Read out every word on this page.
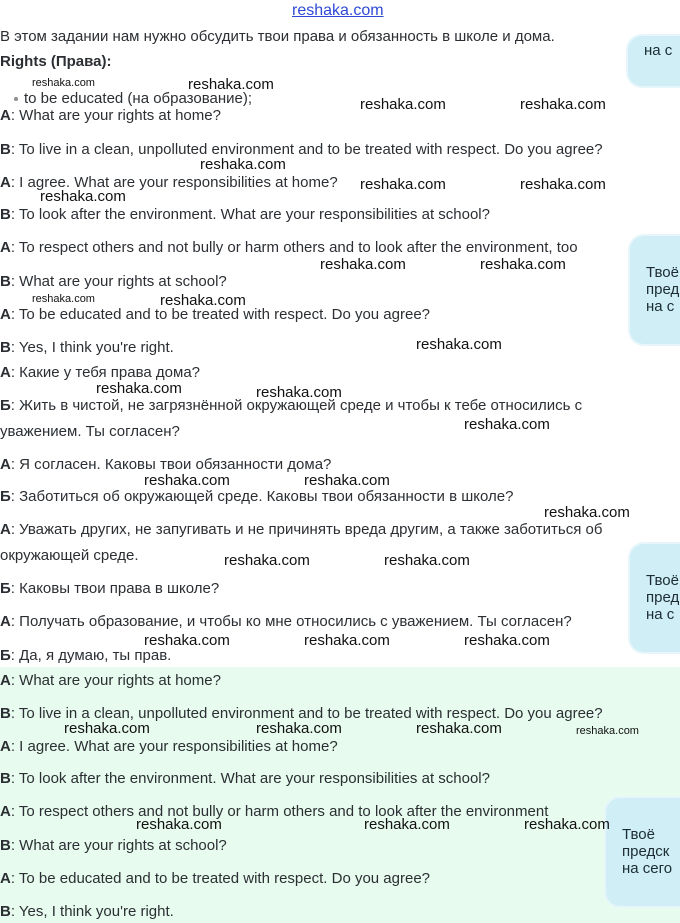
reshaka.com
В этом задании нам нужно обсудить твои права и обязанность в школе и дома.
Rights (Права):
to be educated (на образование);
A: What are your rights at home?
B: To live in a clean, unpolluted environment and to be treated with respect. Do you agree?
A: I agree. What are your responsibilities at home?
B: To look after the environment. What are your responsibilities at school?
A: To respect others and not bully or harm others and to look after the environment, too
B: What are your rights at school?
A: To be educated and to be treated with respect. Do you agree?
B: Yes, I think you're right.
А: Какие у тебя права дома?
Б: Жить в чистой, не загрязнённой окружающей среде и чтобы к тебе относились с
уважением. Ты согласен?
А: Я согласен. Каковы твои обязанности дома?
Б: Заботиться об окружающей среде. Каковы твои обязанности в школе?
А: Уважать других, не запугивать и не причинять вреда другим, а также заботиться об
окружающей среде.
Б: Каковы твои права в школе?
А: Получать образование, и чтобы ко мне относились с уважением. Ты согласен?
Б: Да, я думаю, ты прав.
A: What are your rights at home?
B: To live in a clean, unpolluted environment and to be treated with respect. Do you agree?
A: I agree. What are your responsibilities at home?
B: To look after the environment. What are your responsibilities at school?
A: To respect others and not bully or harm others and to look after the environment
B: What are your rights at school?
A: To be educated and to be treated with respect. Do you agree?
B: Yes, I think you're right.
на с
Твоё
пред
на с
Твоё
пред
на с
Твоё
предск
на сего
reshaka.com	reshaka.com
reshaka.com	reshaka.com
reshaka.com
reshaka.com	reshaka.com
reshaka.com
reshaka.com	reshaka.com
reshaka.com	reshaka.com
reshaka.com
reshaka.com	reshaka.com
reshaka.com
reshaka.com	reshaka.com
reshaka.com
reshaka.com	reshaka.com
reshaka.com	reshaka.com	reshaka.com
reshaka.com	reshaka.com	reshaka.com	reshaka.com
reshaka.com	reshaka.com	reshaka.com
